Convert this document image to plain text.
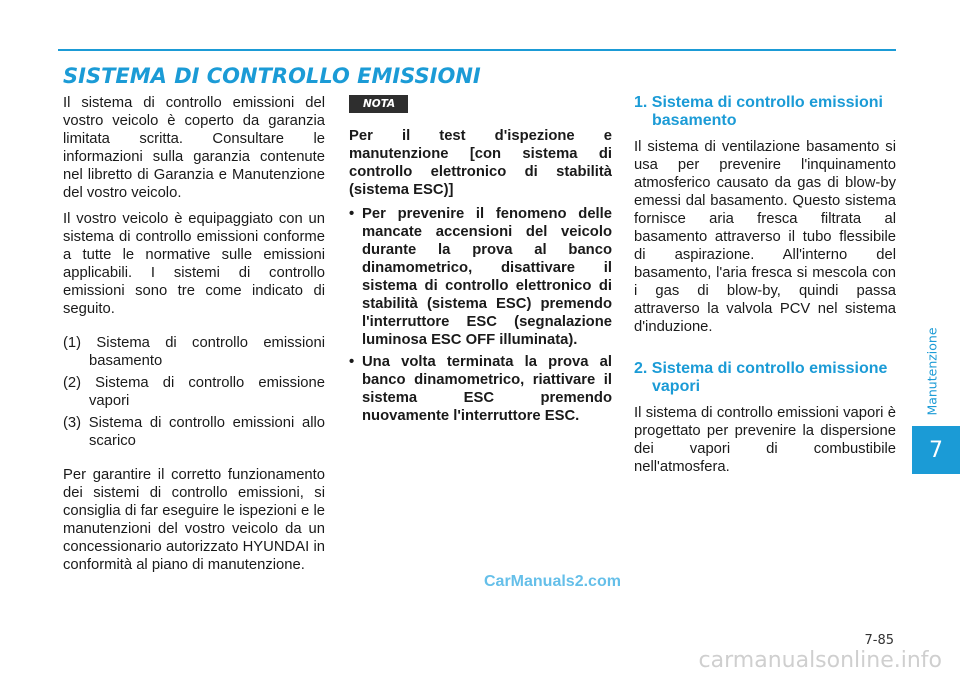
SISTEMA DI CONTROLLO EMISSIONI

Il sistema di controllo emissioni del vostro veicolo è coperto da garanzia limitata scritta. Consultare le informazioni sulla garanzia contenute nel libretto di Garanzia e Manutenzione del vostro veicolo.

Il vostro veicolo è equipaggiato con un sistema di controllo emissioni conforme a tutte le normative sulle emissioni applicabili. I sistemi di controllo emissioni sono tre come indicato di seguito.

(1) Sistema di controllo emissioni basamento
(2) Sistema di controllo emissione vapori
(3) Sistema di controllo emissioni allo scarico

Per garantire il corretto funzionamento dei sistemi di controllo emissioni, si consiglia di far eseguire le ispezioni e le manutenzioni del vostro veicolo da un concessionario autorizzato HYUNDAI in conformità al piano di manutenzione.

NOTA
Per il test d'ispezione e manutenzione [con sistema di controllo elettronico di stabilità (sistema ESC)]
• Per prevenire il fenomeno delle mancate accensioni del veicolo durante la prova al banco dinamometrico, disattivare il sistema di controllo elettronico di stabilità (sistema ESC) premendo l'interruttore ESC (segnalazione luminosa ESC OFF illuminata).
• Una volta terminata la prova al banco dinamometrico, riattivare il sistema ESC premendo nuovamente l'interruttore ESC.
1. Sistema di controllo emissioni basamento

Il sistema di ventilazione basamento si usa per prevenire l'inquinamento atmosferico causato da gas di blow-by emessi dal basamento. Questo sistema fornisce aria fresca filtrata al basamento attraverso il tubo flessibile di aspirazione. All'interno del basamento, l'aria fresca si mescola con i gas di blow-by, quindi passa attraverso la valvola PCV nel sistema d'induzione.

2. Sistema di controllo emissione vapori

Il sistema di controllo emissioni vapori è progettato per prevenire la dispersione dei vapori di combustibile nell'atmosfera.

Manutenzione
7
CarManuals2.com
7-85
carmanualsonline.info
